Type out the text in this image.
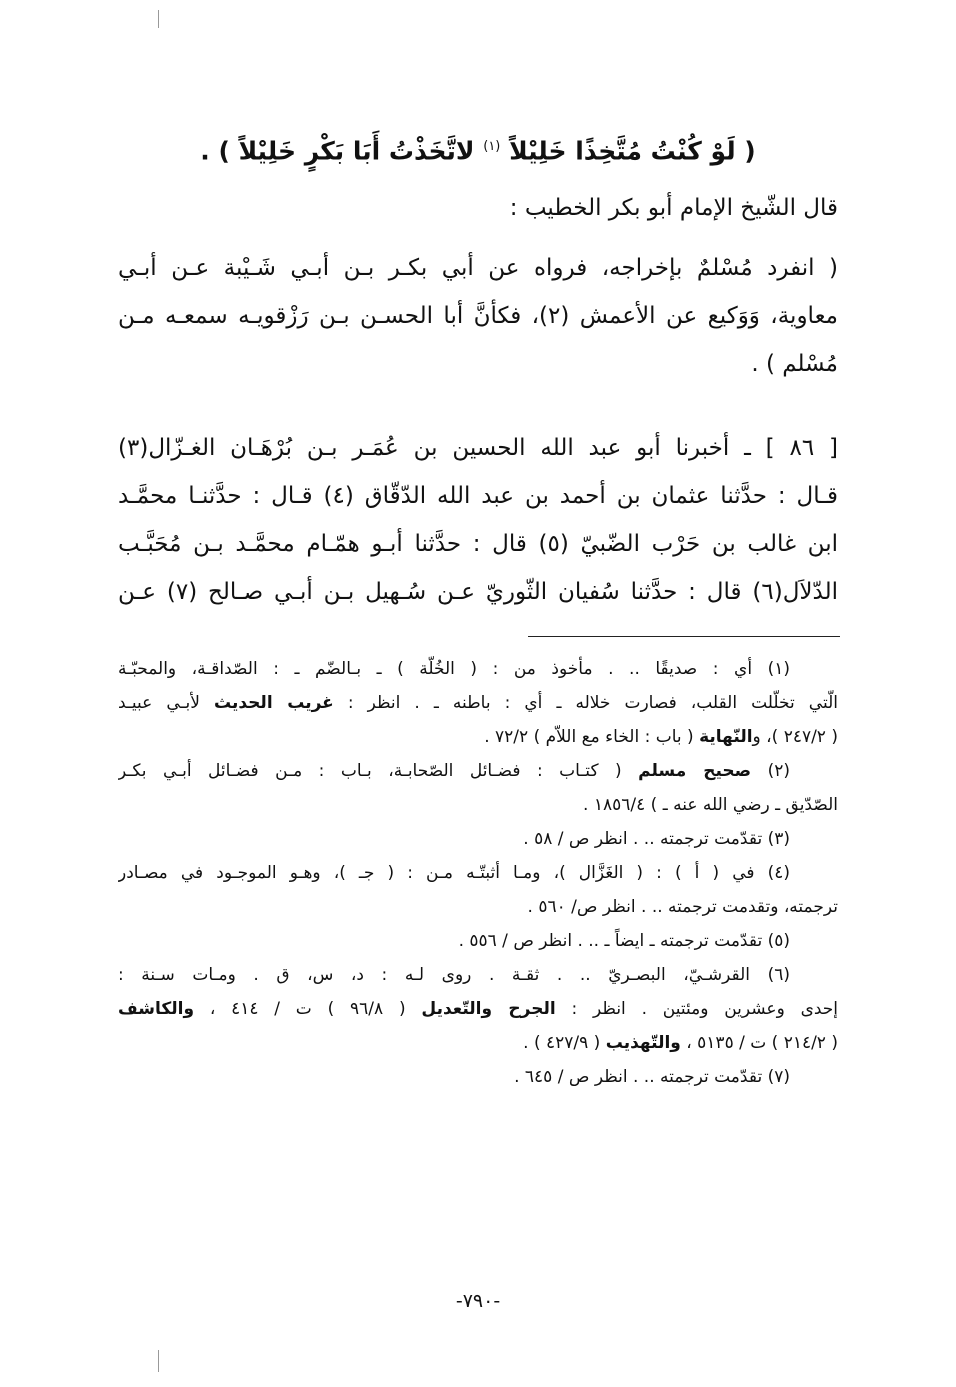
( لَوْ كُنْتُ مُتَّخِذًا خَلِيْلاً $^{(١)}$ لاتَّخَذْتُ أَبَا بَكْرٍ خَلِيْلاً ) .
قال الشّيخ الإمام أبو بكر الخطيب :
( انفرد مُسْلمٌ بإخراجه، فرواه عن أبي بكـر بـن أبـي شَـيْبة عـن أبـي
معاوية، وَوَكيع عن الأعمش (٢)، فكأنَّ أبا الحسـن بـن رَزْقويـه سمعـه مـن
مُسْلم ) .
[ ٨٦ ] ـ أخبرنا أبو عبد الله الحسين بن عُمَـر بـن بُرْهَـان الغـزّال(٣)
قـال : حدَّثنا عثمان بن أحمد بن عبد الله الدّقّاق (٤) قـال : حدَّثنـا محمَّـد
ابن غالب بن حَرْب الضّبيّ (٥) قال : حدَّثنا أبـو همّـام محمَّـد بـن مُحَبَّـب
الدّلاَل(٦) قال : حدَّثنا سُفيان الثّوريّ عـن سُـهيل بـن أبـي صـالح (٧) عـن
(١) أي : صديقًا .. . مأخوذ من : ( الخُلّة ) ـ بـالضّم ـ : الصّداقـة، والمحبّـة
الّتي تخلّلت القلب، فصارت خلاله ـ أي : باطنه ـ . انظر : غريب الحديث لأبـي عبيـد
( ٢٤٧/٢ )، والنّهاية ( باب : الخاء مع اللاّم ) ٧٢/٢ .
(٢) صحيح مسلم ( كتـاب : فضـائل الصّحابـة، بـاب : مـن فضـائل أبـي بكـر
الصّدّيق ـ رضي الله عنه ـ ) ١٨٥٦/٤ .
(٣) تقدّمت ترجمته .. . انظر ص / ٥٨ .
(٤) في ( أ ) : ( الغَزَّال )، ومـا أثبتّـه مـن : ( جـ )، وهـو الموجـود في مصـادر
ترجمته، وتقدمت ترجمته .. . انظر ص/ ٥٦٠ .
(٥) تقدّمت ترجمته ـ ايضاً ـ .. . انظر ص / ٥٥٦ .
(٦) القرشـيّ، البصـريّ .. . ثقـة . روى لـه : د، س، ق . ومـات سـنة :
إحدى وعشرين ومئتين . انظر : الجرح والتّعديل ( ٩٦/٨ ) ت / ٤١٤ ، والكاشف
( ٢١٤/٢ ) ت / ٥١٣٥ ، والتّهذيب ( ٤٢٧/٩ ) .
(٧) تقدّمت ترجمته .. . انظر ص / ٦٤٥ .
-٧٩٠-
